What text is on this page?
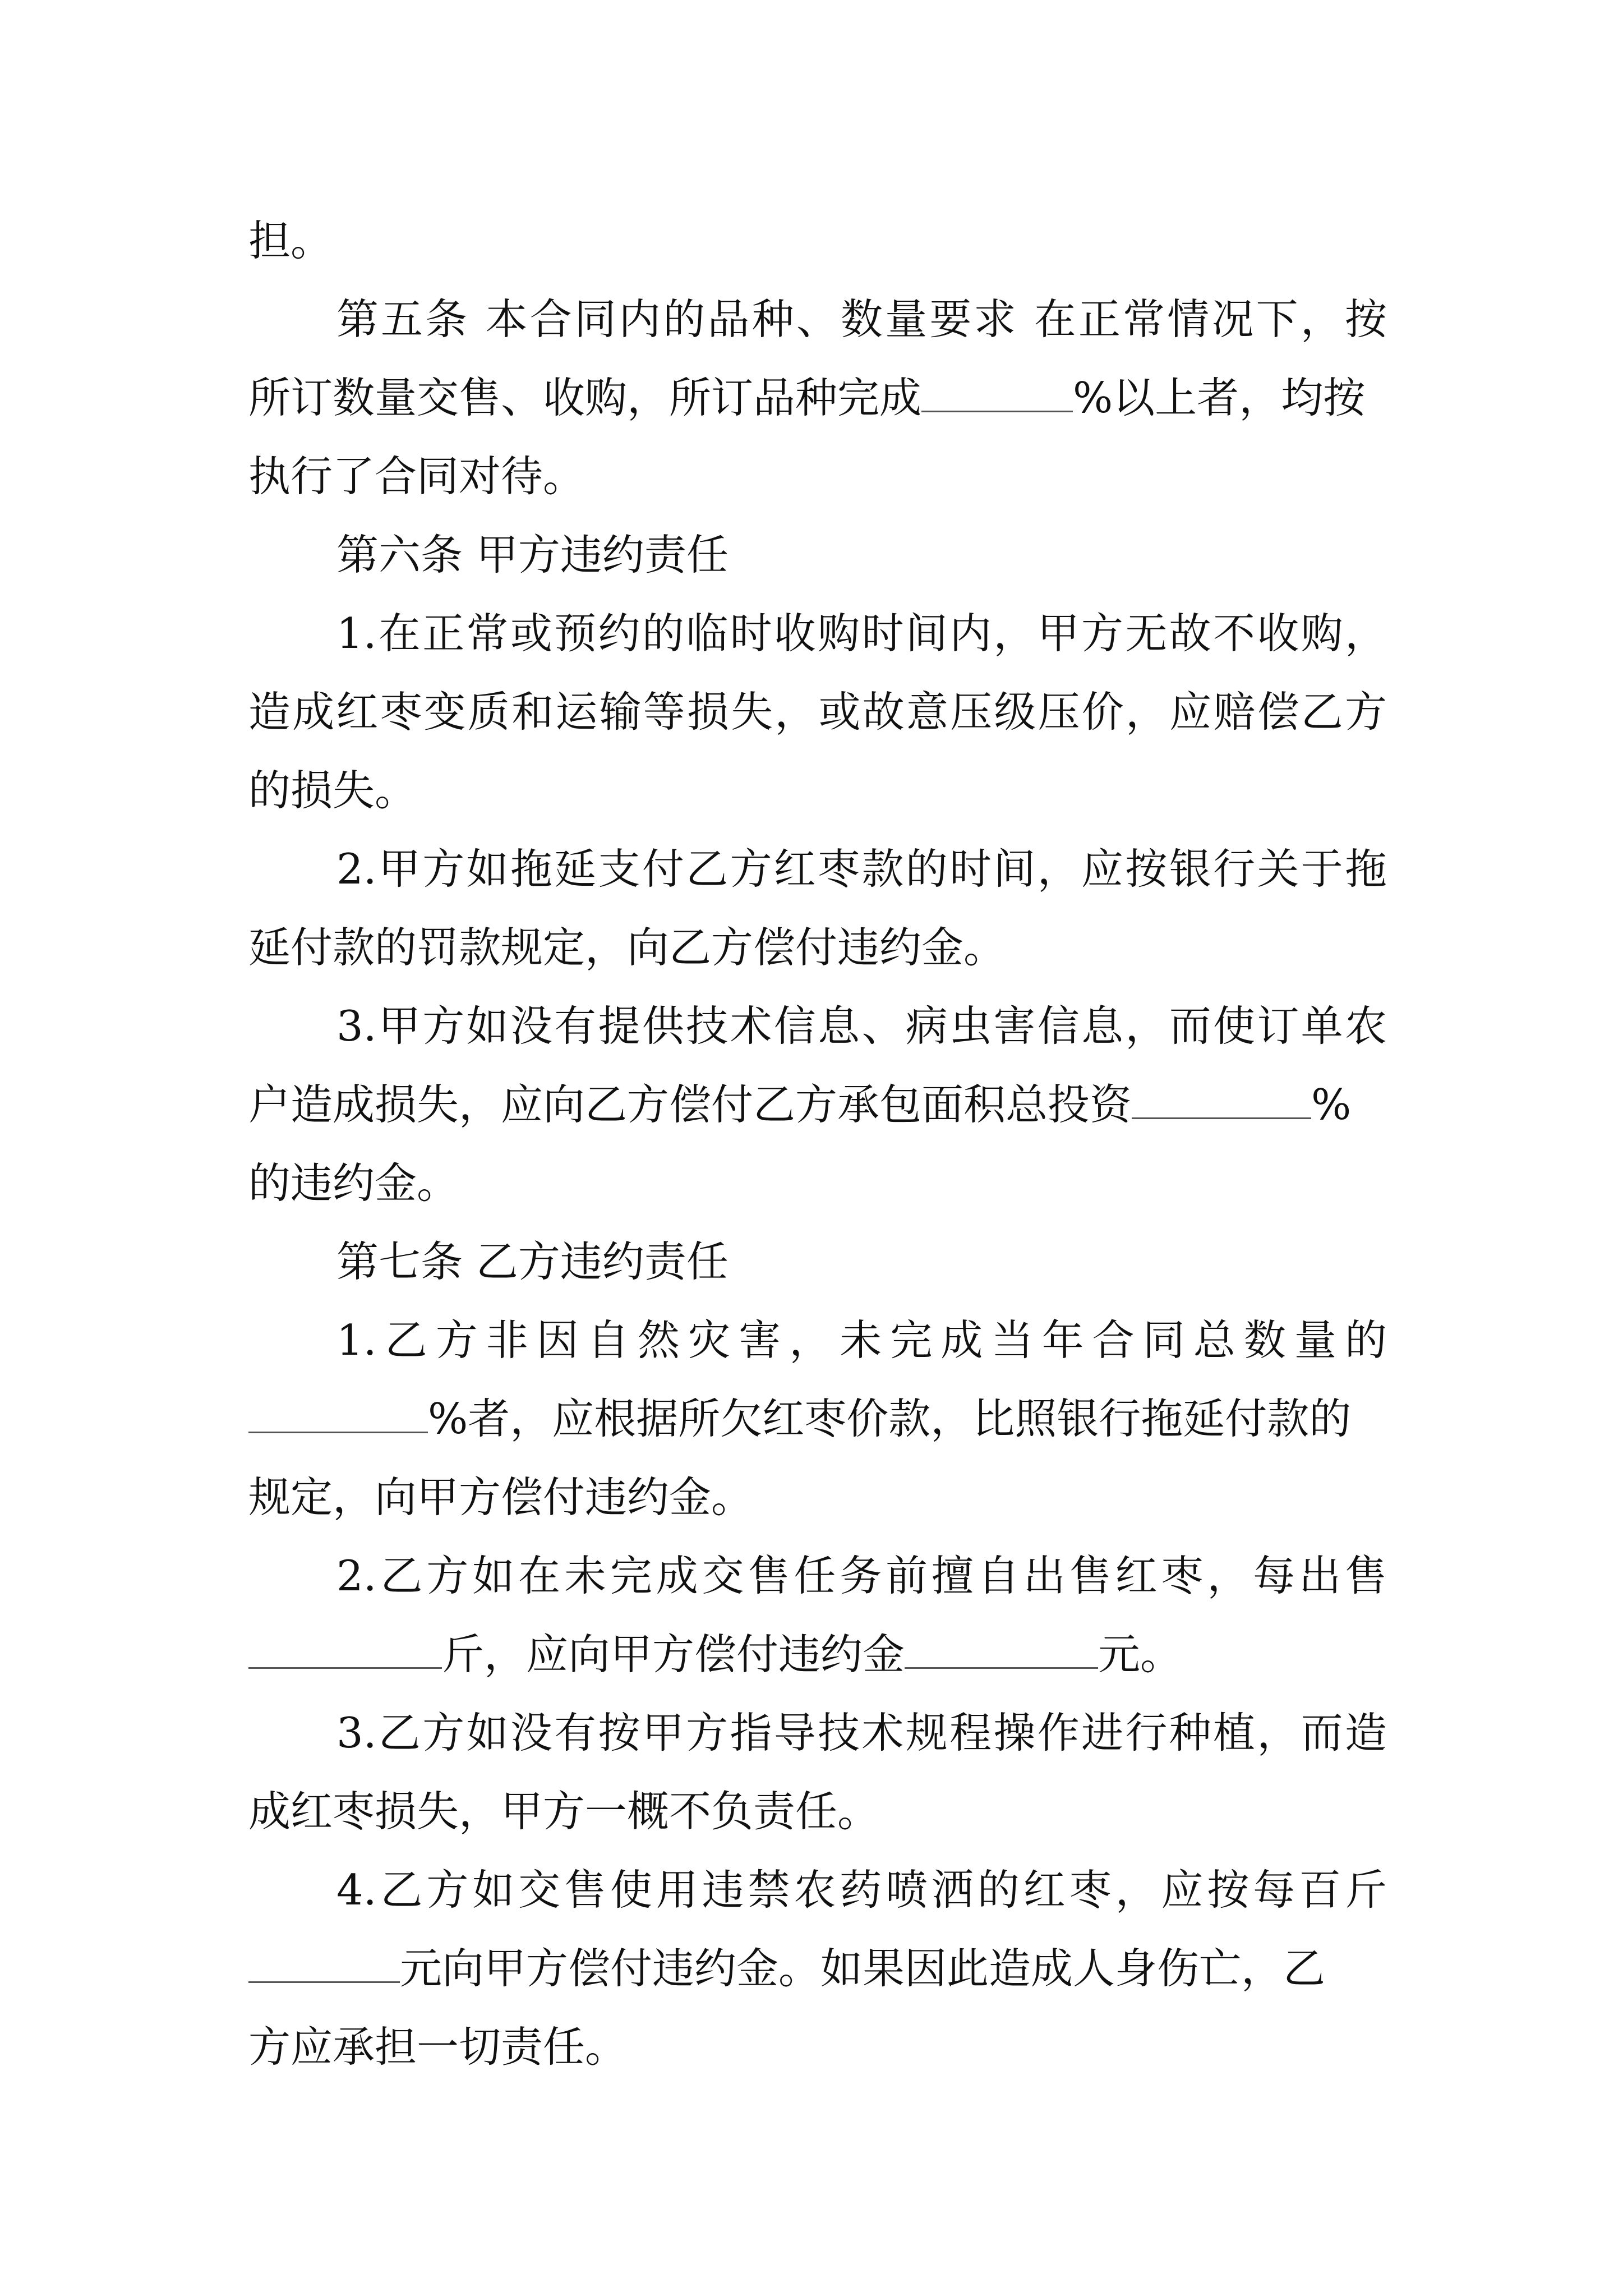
担。

第五条 本合同内的品种、数量要求 在正常情况下，按

所订数量交售、收购，所订品种完成	%以上者，均按

执行了合同对待。

第六条 甲方违约责任

1.在正常或预约的临时收购时间内，甲方无故不收购，

造成红枣变质和运输等损失，或故意压级压价，应赔偿乙方

的损失。

2.甲方如拖延支付乙方红枣款的时间，应按银行关于拖

延付款的罚款规定，向乙方偿付违约金。

3.甲方如没有提供技术信息、病虫害信息，而使订单农

户造成损失，应向乙方偿付乙方承包面积总投资	%

的违约金。

第七条 乙方违约责任

1.乙方非因自然灾害，未完成当年合同总数量的

%者，应根据所欠红枣价款，比照银行拖延付款的

规定，向甲方偿付违约金。

2.乙方如在未完成交售任务前擅自出售红枣，每出售

斤，应向甲方偿付违约金	元。

3.乙方如没有按甲方指导技术规程操作进行种植，而造

成红枣损失，甲方一概不负责任。

4.乙方如交售使用违禁农药喷洒的红枣，应按每百斤

元向甲方偿付违约金。如果因此造成人身伤亡，乙

方应承担一切责任。
